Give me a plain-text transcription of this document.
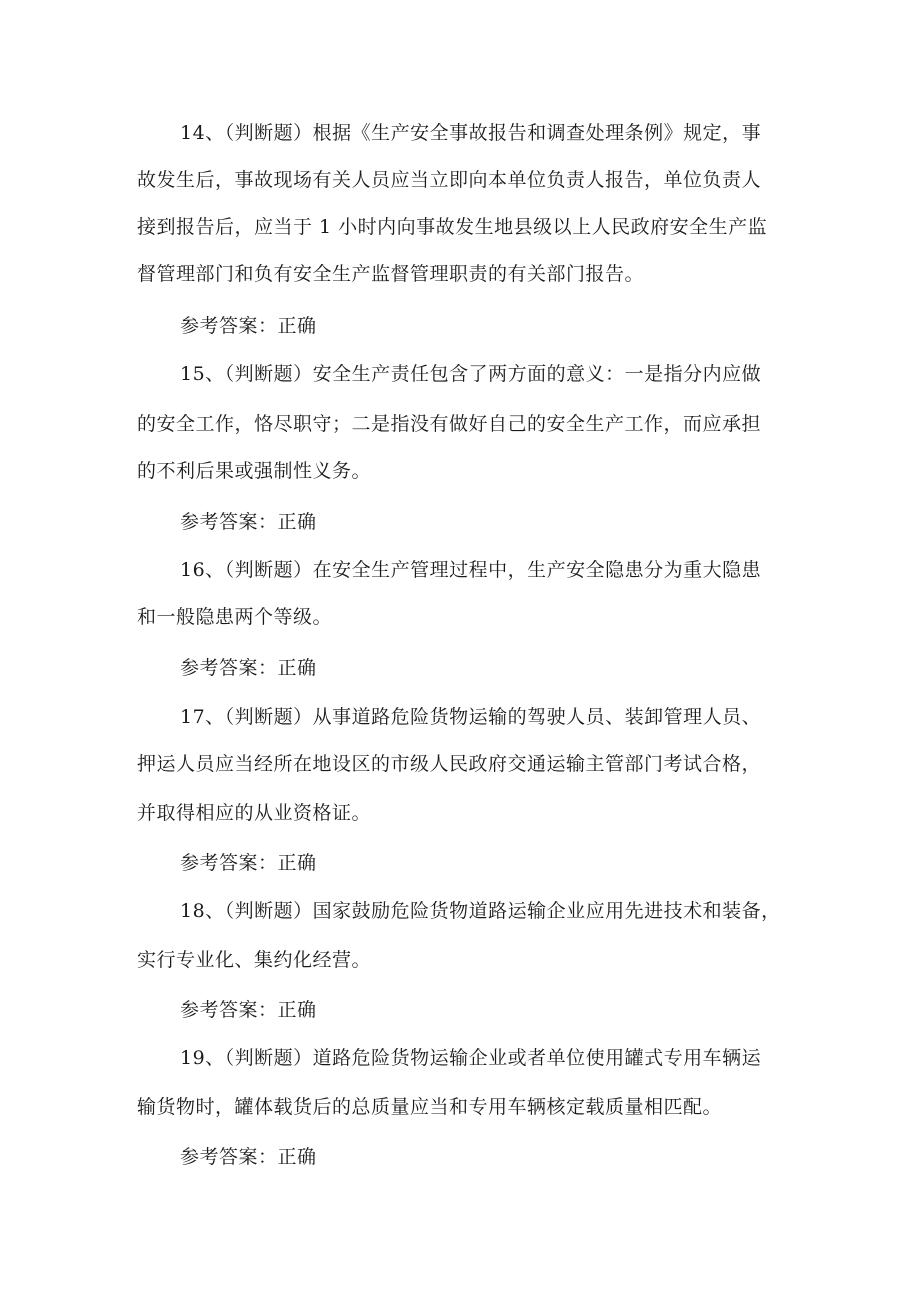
14、（判断题）根据《生产安全事故报告和调查处理条例》规定，事
故发生后，事故现场有关人员应当立即向本单位负责人报告，单位负责人
接到报告后，应当于 1 小时内向事故发生地县级以上人民政府安全生产监
督管理部门和负有安全生产监督管理职责的有关部门报告。
参考答案：正确
15、（判断题）安全生产责任包含了两方面的意义：一是指分内应做
的安全工作，恪尽职守；二是指没有做好自己的安全生产工作，而应承担
的不利后果或强制性义务。
参考答案：正确
16、（判断题）在安全生产管理过程中，生产安全隐患分为重大隐患
和一般隐患两个等级。
参考答案：正确
17、（判断题）从事道路危险货物运输的驾驶人员、装卸管理人员、
押运人员应当经所在地设区的市级人民政府交通运输主管部门考试合格，
并取得相应的从业资格证。
参考答案：正确
18、（判断题）国家鼓励危险货物道路运输企业应用先进技术和装备，
实行专业化、集约化经营。
参考答案：正确
19、（判断题）道路危险货物运输企业或者单位使用罐式专用车辆运
输货物时，罐体载货后的总质量应当和专用车辆核定载质量相匹配。
参考答案：正确
